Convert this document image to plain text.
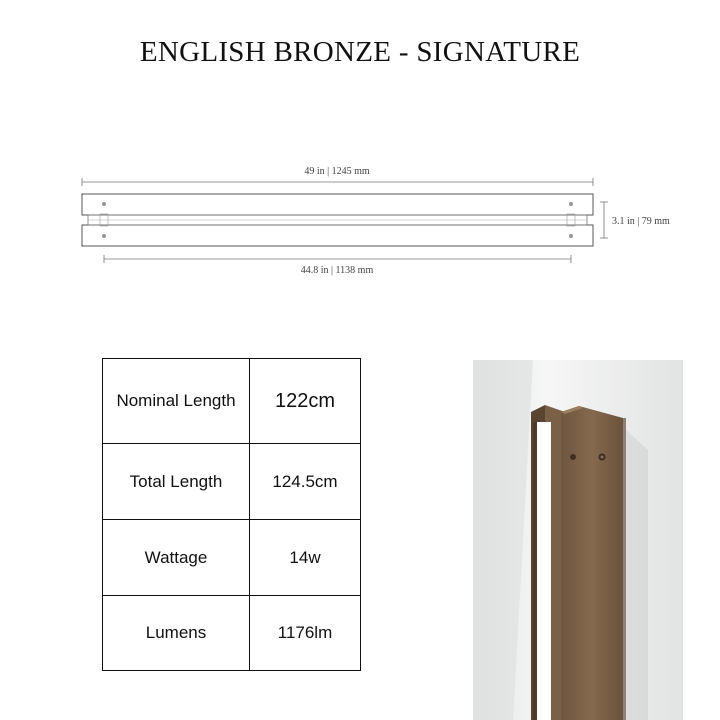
ENGLISH BRONZE - SIGNATURE
49 in | 1245 mm
3.1 in | 79 mm
44.8 in | 1138 mm
Nominal Length	122cm
Total Length	124.5cm
Wattage	14w
Lumens	1176lm
